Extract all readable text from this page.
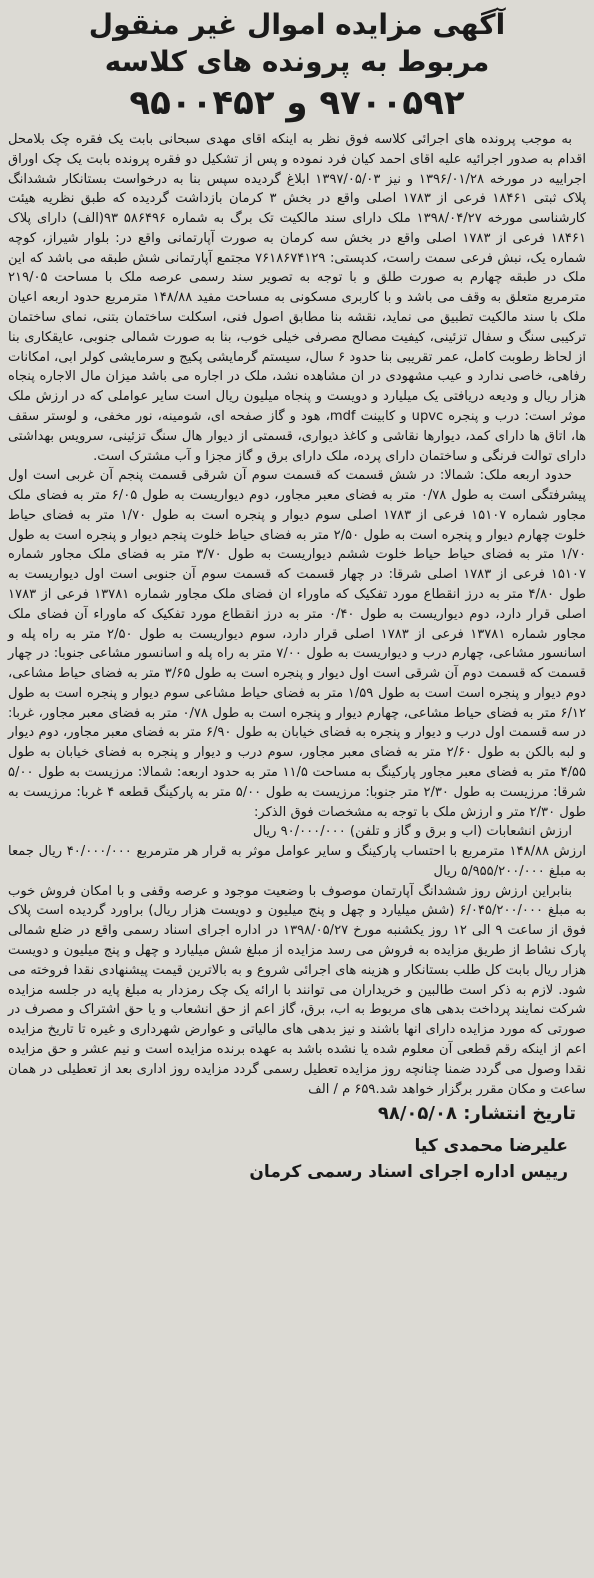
آگهی مزایده اموال غیر منقول
مربوط به پرونده های کلاسه
۹۷۰۰۵۹۲ و ۹۵۰۰۴۵۲

به موجب پرونده های اجرائی کلاسه فوق نظر به اینکه اقای مهدی سبحانی بابت یک فقره چک بلامحل اقدام به صدور اجرائیه علیه اقای احمد کیان فرد نموده و پس از تشکیل دو فقره پرونده بابت یک چک اوراق اجراییه در مورخه ۱۳۹۶/۰۱/۲۸ و نیز ۱۳۹۷/۰۵/۰۳ ابلاغ گردیده سپس بنا به درخواست بستانکار ششدانگ پلاک ثبتی ۱۸۴۶۱ فرعی از ۱۷۸۳ اصلی واقع در بخش ۳ کرمان بازداشت گردیده که طبق نظریه هیئت کارشناسی مورخه ۱۳۹۸/۰۴/۲۷ ملک دارای سند مالکیت تک برگ به شماره ۵۸۶۴۹۶ ۹۳(الف) دارای پلاک ۱۸۴۶۱ فرعی از ۱۷۸۳ اصلی واقع در بخش سه کرمان به صورت آپارتمانی واقع در: بلوار شیراز، کوچه شماره یک، نبش فرعی سمت راست، کدپستی: ۷۶۱۸۶۷۴۱۲۹ مجتمع آپارتمانی شش طبقه می باشد که این ملک در طبقه چهارم به صورت طلق و با توجه به تصویر سند رسمی عرصه ملک با مساحت ۲۱۹/۰۵ مترمربع متعلق به وقف می باشد و با کاربری مسکونی به مساحت مفید ۱۴۸/۸۸ مترمربع حدود اربعه اعیان ملک با سند مالکیت تطبیق می نماید، نقشه بنا مطابق اصول فنی، اسکلت ساختمان بتنی، نمای ساختمان ترکیبی سنگ و سفال تزئینی، کیفیت مصالح مصرفی خیلی خوب، بنا به صورت شمالی جنوبی، عایقکاری بنا از لحاظ رطوبت کامل، عمر تقریبی بنا حدود ۶ سال، سیستم گرمایشی پکیج و سرمایشی کولر ابی، امکانات رفاهی، خاصی ندارد و عیب مشهودی در ان مشاهده نشد، ملک در اجاره می باشد میزان مال الاجاره پنجاه هزار ریال و ودیعه دریافتی یک میلیارد و دویست و پنجاه میلیون ریال است سایر عواملی که در ارزش ملک موثر است: درب و پنجره upvc و کابینت mdf، هود و گاز صفحه ای، شومینه، نور مخفی، و لوستر سقف ها، اتاق ها دارای کمد، دیوارها نقاشی و کاغذ دیواری، قسمتی از دیوار هال سنگ تزئینی، سرویس بهداشتی دارای توالت فرنگی و ساختمان دارای پرده، ملک دارای برق و گاز مجزا و آب مشترک است.

حدود اربعه ملک: شمالا: در شش قسمت که قسمت سوم آن شرقی قسمت پنجم آن غربی است اول پیشرفتگی است به طول ۰/۷۸ متر به فضای معبر مجاور، دوم دیواریست به طول ۶/۰۵ متر به فضای ملک مجاور شماره ۱۵۱۰۷ فرعی از ۱۷۸۳ اصلی سوم دیوار و پنجره است به طول ۱/۷۰ متر به فضای حیاط خلوت چهارم دیوار و پنجره است به طول ۲/۵۰ متر به فضای حیاط خلوت پنجم دیوار و پنجره است به طول ۱/۷۰ متر به فضای حیاط حیاط خلوت ششم دیواریست به طول ۳/۷۰ متر به فضای ملک مجاور شماره ۱۵۱۰۷ فرعی از ۱۷۸۳ اصلی شرقا: در چهار قسمت که قسمت سوم آن جنوبی است اول دیواریست به طول ۴/۸۰ متر به درز انقطاع مورد تفکیک که ماوراء ان فضای ملک مجاور شماره ۱۳۷۸۱ فرعی از ۱۷۸۳ اصلی قرار دارد، دوم دیواریست به طول ۰/۴۰ متر به درز انقطاع مورد تفکیک که ماوراء آن فضای ملک مجاور شماره ۱۳۷۸۱ فرعی از ۱۷۸۳ اصلی قرار دارد، سوم دیواریست به طول ۲/۵۰ متر به راه پله و اسانسور مشاعی، چهارم درب و دیواریست به طول ۷/۰۰ متر به راه پله و اسانسور مشاعی جنوبا: در چهار قسمت که قسمت دوم آن شرقی است اول دیوار و پنجره است به طول ۳/۶۵ متر به فضای حیاط مشاعی، دوم دیوار و پنجره است است به طول ۱/۵۹ متر به فضای حیاط مشاعی سوم دیوار و پنجره است به طول ۶/۱۲ متر به فضای حیاط مشاعی، چهارم دیوار و پنجره است به طول ۰/۷۸ متر به فضای معبر مجاور، غربا: در سه قسمت اول درب و دیوار و پنجره به فضای خیابان به طول ۶/۹۰ متر به فضای معبر مجاور، دوم دیوار و لبه بالکن به طول ۲/۶۰ متر به فضای معبر مجاور، سوم درب و دیوار و پنجره به فضای خیابان به طول ۴/۵۵ متر به فضای معبر مجاور پارکینگ به مساحت ۱۱/۵ متر به حدود اربعه: شمالا: مرزیست به طول ۵/۰۰ شرقا: مرزیست به طول ۲/۳۰ متر جنوبا: مرزیست به طول ۵/۰۰ متر به پارکینگ قطعه ۴ غربا: مرزیست به طول ۲/۳۰ متر و ارزش ملک با توجه به مشخصات فوق الذکر:

ارزش انشعابات (اب و برق و گاز و تلفن) ۹۰/۰۰۰/۰۰۰ ریال

ارزش ۱۴۸/۸۸ مترمربع با احتساب پارکینگ و سایر عوامل موثر به قرار هر مترمربع ۴۰/۰۰۰/۰۰۰ ریال جمعا به مبلغ ۵/۹۵۵/۲۰۰/۰۰۰ ریال

بنابراین ارزش روز ششدانگ آپارتمان موصوف با وضعیت موجود و عرصه وقفی و با امکان فروش خوب به مبلغ ۶/۰۴۵/۲۰۰/۰۰۰ (شش میلیارد و چهل و پنج میلیون و دویست هزار ریال) براورد گردیده است پلاک فوق از ساعت ۹ الی ۱۲ روز یکشنبه مورخ ۱۳۹۸/۰۵/۲۷ در اداره اجرای اسناد رسمی واقع در ضلع شمالی پارک نشاط از طریق مزایده به فروش می رسد مزایده از مبلغ شش میلیارد و چهل و پنج میلیون و دویست هزار ریال بابت کل طلب بستانکار و هزینه های اجرائی شروع و به بالاترین قیمت پیشنهادی نقدا فروخته می شود. لازم به ذکر است طالبین و خریداران می توانند با ارائه یک چک رمزدار به مبلغ پایه در جلسه مزایده شرکت نمایند پرداخت بدهی های مربوط به اب، برق، گاز اعم از حق انشعاب و یا حق اشتراک و مصرف در صورتی که مورد مزایده دارای انها باشند و نیز بدهی های مالیاتی و عوارض شهرداری و غیره تا تاریخ مزایده اعم از اینکه رقم قطعی آن معلوم شده یا نشده باشد به عهده برنده مزایده است و نیم عشر و حق مزایده نقدا وصول می گردد ضمنا چنانچه روز مزایده تعطیل رسمی گردد مزایده روز اداری بعد از تعطیلی در همان ساعت و مکان مقرر برگزار خواهد شد.۶۵۹ م / الف

تاریخ انتشار: ۹۸/۰۵/۰۸
علیرضا محمدی کیا
رییس اداره اجرای اسناد رسمی کرمان
